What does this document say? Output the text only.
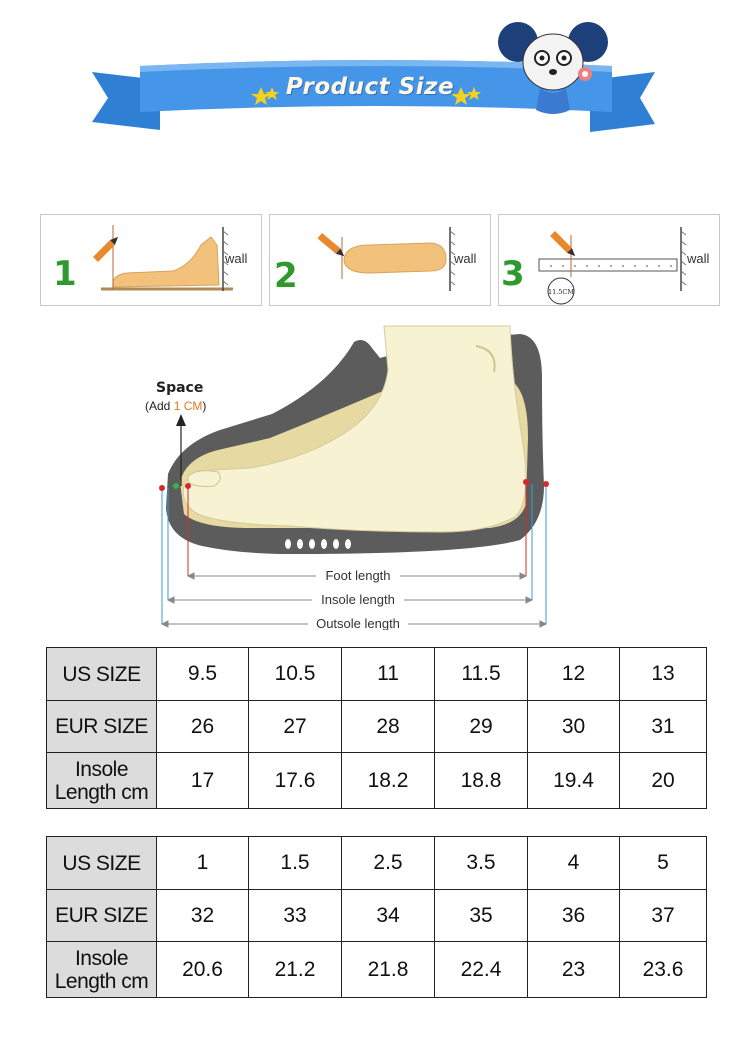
Product Size
1	wall 2	wall 3	11.5CM
wall
Space
(Add 1 CM)
Foot length
Insole length
Outsole length
US SIZE	9.5	10.5	11	11.5	12	13
EUR SIZE	26	27	28	29	30	31
Insole
Length cm	17	17.6	18.2	18.8	19.4	20
US SIZE	1	1.5	2.5	3.5	4	5
EUR SIZE	32	33	34	35	36	37
Insole
Length cm	20.6	21.2	21.8	22.4	23	23.6
